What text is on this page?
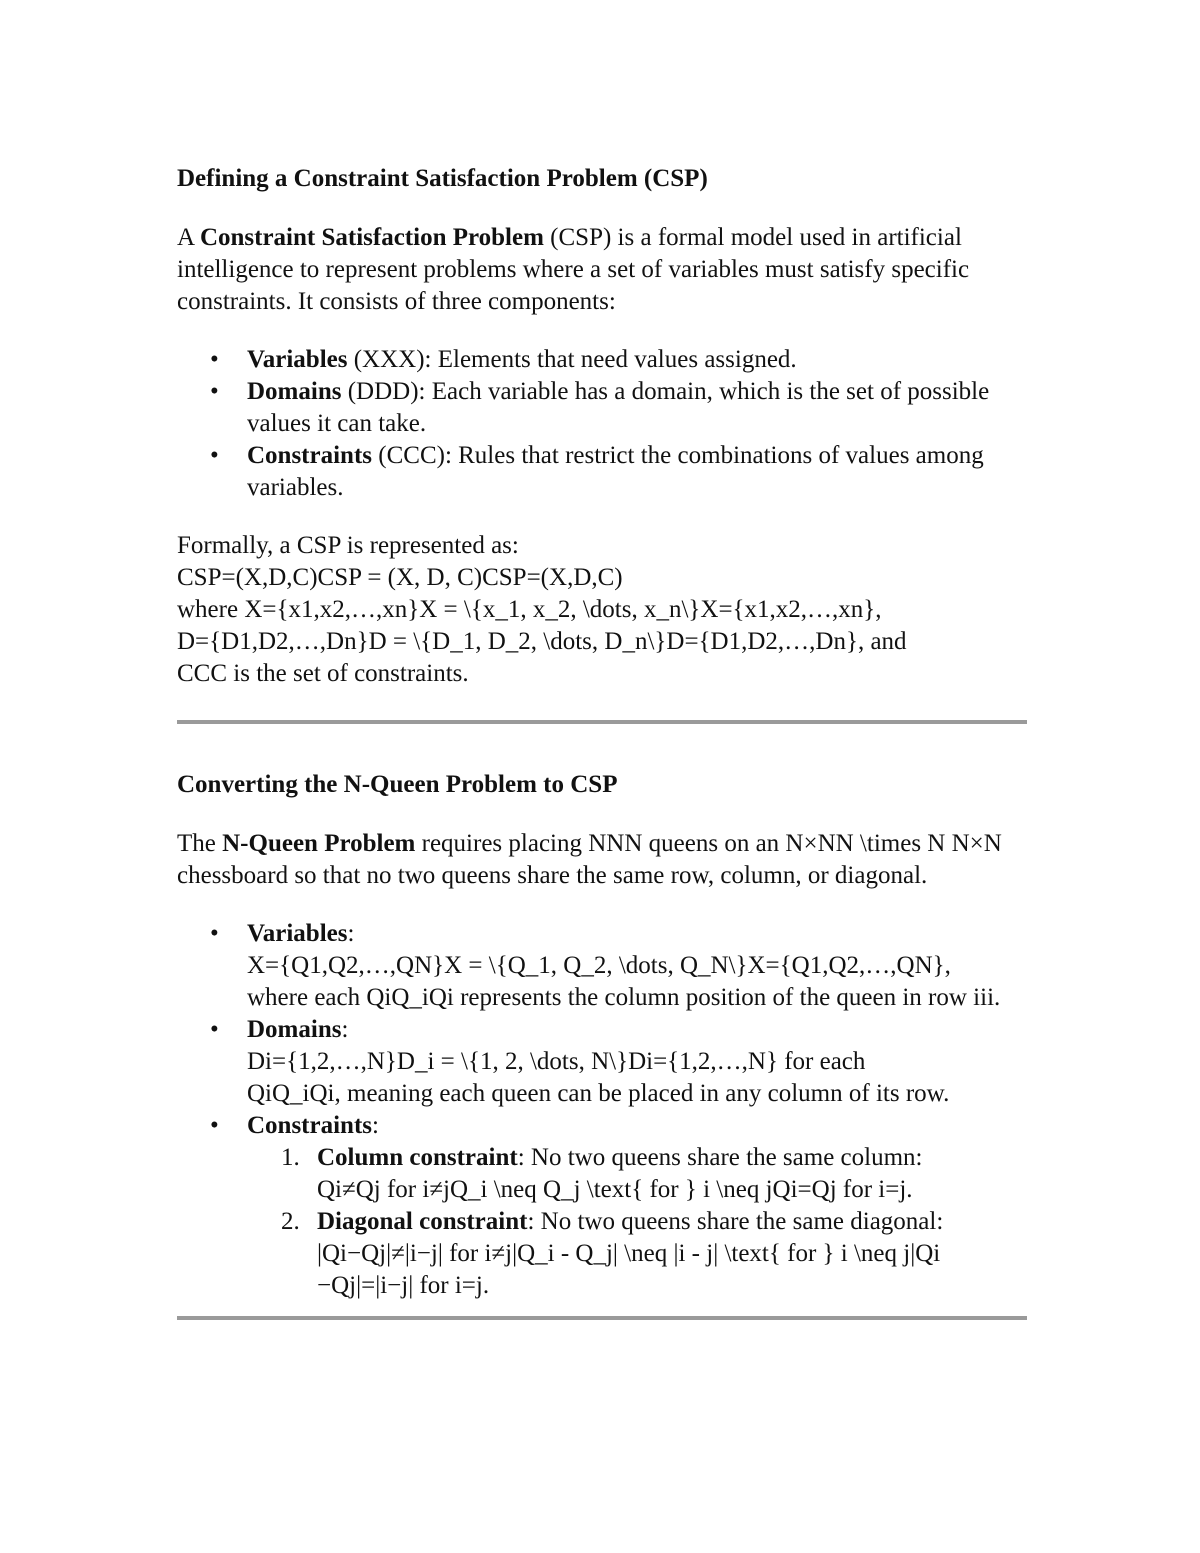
Defining a Constraint Satisfaction Problem (CSP)

A Constraint Satisfaction Problem (CSP) is a formal model used in artificial intelligence to represent problems where a set of variables must satisfy specific constraints. It consists of three components:

• Variables (XXX): Elements that need values assigned.
• Domains (DDD): Each variable has a domain, which is the set of possible values it can take.
• Constraints (CCC): Rules that restrict the combinations of values among variables.
Formally, a CSP is represented as:
CSP=(X,D,C)CSP = (X, D, C)CSP=(X,D,C)
where X={x1,x2,…,xn}X = \{x_1, x_2, \dots, x_n\}X={x1,x2,…,xn},
D={D1,D2,…,Dn}D = \{D_1, D_2, \dots, D_n\}D={D1,D2,…,Dn}, and
CCC is the set of constraints.
Converting the N-Queen Problem to CSP

The N-Queen Problem requires placing NNN queens on an N×NN \times N N×N chessboard so that no two queens share the same row, column, or diagonal.

• Variables:
X={Q1,Q2,…,QN}X = \{Q_1, Q_2, \dots, Q_N\}X={Q1,Q2,…,QN},
where each QiQ_iQi represents the column position of the queen in row iii.
• Domains:
Di={1,2,…,N}D_i = \{1, 2, \dots, N\}Di={1,2,…,N} for each
QiQ_iQi, meaning each queen can be placed in any column of its row.
• Constraints:
1. Column constraint: No two queens share the same column:
Qi≠Qj for i≠jQ_i \neq Q_j \text{ for } i \neq jQi=Qj for i=j.
2. Diagonal constraint: No two queens share the same diagonal:
|Qi−Qj|≠|i−j| for i≠j|Q_i - Q_j| \neq |i - j| \text{ for } i \neq j|Qi −Qj|=|i−j| for i=j.
